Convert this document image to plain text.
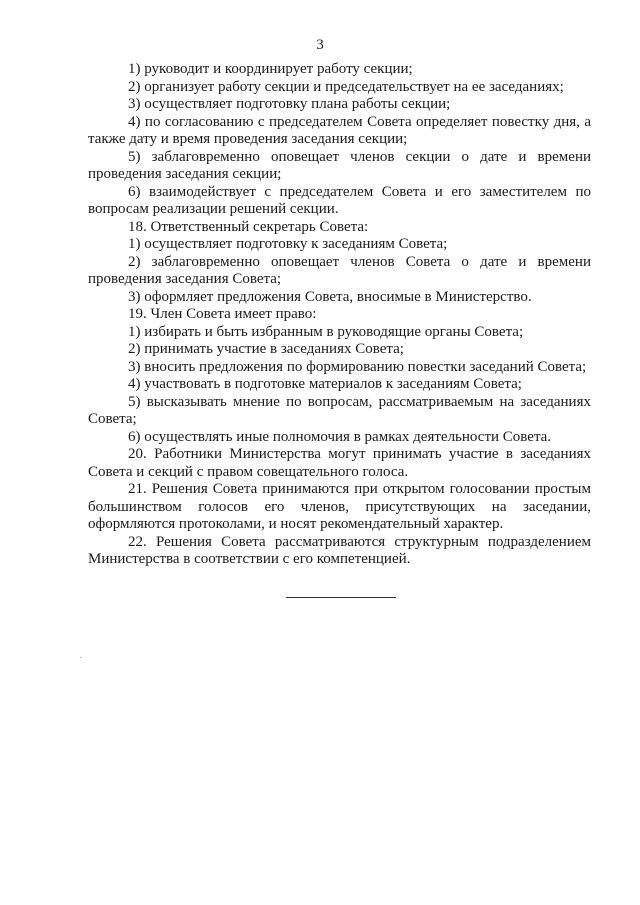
3

1) руководит и координирует работу секции;

2) организует работу секции и председательствует на ее заседаниях;

3) осуществляет подготовку плана работы секции;

4) по согласованию с председателем Совета определяет повестку дня, а также дату и время проведения заседания секции;

5) заблаговременно оповещает членов секции о дате и времени проведения заседания секции;

6) взаимодействует с председателем Совета и его заместителем по вопросам реализации решений секции.

18. Ответственный секретарь Совета:

1) осуществляет подготовку к заседаниям Совета;

2) заблаговременно оповещает членов Совета о дате и времени проведения заседания Совета;

3) оформляет предложения Совета, вносимые в Министерство.

19. Член Совета имеет право:

1) избирать и быть избранным в руководящие органы Совета;

2) принимать участие в заседаниях Совета;

3) вносить предложения по формированию повестки заседаний Совета;

4) участвовать в подготовке материалов к заседаниям Совета;

5) высказывать мнение по вопросам, рассматриваемым на заседаниях Совета;

6) осуществлять иные полномочия в рамках деятельности Совета.

20. Работники Министерства могут принимать участие в заседаниях Совета и секций с правом совещательного голоса.

21. Решения Совета принимаются при открытом голосовании простым большинством голосов его членов, присутствующих на заседании, оформляются протоколами, и носят рекомендательный характер.

22. Решения Совета рассматриваются структурным подразделением Министерства в соответствии с его компетенцией.
